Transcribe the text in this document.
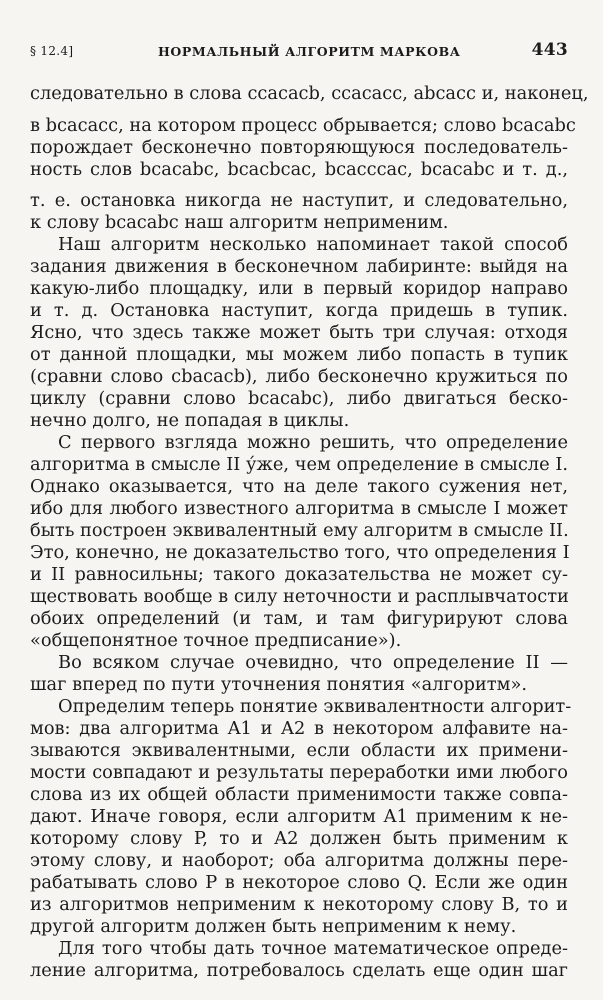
§ 12.4]	НОРМАЛЬНЫЙ АЛГОРИТМ МАРКОВА	443
следовательно в слова ccacacb, ccacacc, abcacc и, наконец,
в bcacacc, на котором процесс обрывается; слово bcacabc
порождает бесконечно повторяющуюся последователь-
ность слов bcacabc, bcacbcac, bcacccac, bcacabc и т. д.,
т. е. остановка никогда не наступит, и следовательно,
к слову bcacabc наш алгоритм неприменим.
Наш алгоритм несколько напоминает такой способ
задания движения в бесконечном лабиринте: выйдя на
какую-либо площадку, или в первый коридор направо
и т. д. Остановка наступит, когда придешь в тупик.
Ясно, что здесь также может быть три случая: отходя
от данной площадки, мы можем либо попасть в тупик
(сравни слово cbacacb), либо бесконечно кружиться по
циклу (сравни слово bcacabc), либо двигаться беско-
нечно долго, не попадая в циклы.
С первого взгляда можно решить, что определение
алгоритма в смысле II у́же, чем определение в смысле I.
Однако оказывается, что на деле такого сужения нет,
ибо для любого известного алгоритма в смысле I может
быть построен эквивалентный ему алгоритм в смысле II.
Это, конечно, не доказательство того, что определения I
и II равносильны; такого доказательства не может су-
ществовать вообще в силу неточности и расплывчатости
обоих определений (и там, и там фигурируют слова
«общепонятное точное предписание»).
Во всяком случае очевидно, что определение II —
шаг вперед по пути уточнения понятия «алгоритм».
Определим теперь понятие эквивалентности алгорит-
мов: два алгоритма A1 и A2 в некотором алфавите на-
зываются эквивалентными, если области их примени-
мости совпадают и результаты переработки ими любого
слова из их общей области применимости также совпа-
дают. Иначе говоря, если алгоритм A1 применим к не-
которому слову P, то и A2 должен быть применим к
этому слову, и наоборот; оба алгоритма должны пере-
рабатывать слово P в некоторое слово Q. Если же один
из алгоритмов неприменим к некоторому слову B, то и
другой алгоритм должен быть неприменим к нему.
Для того чтобы дать точное математическое опреде-
ление алгоритма, потребовалось сделать еще один шаг
